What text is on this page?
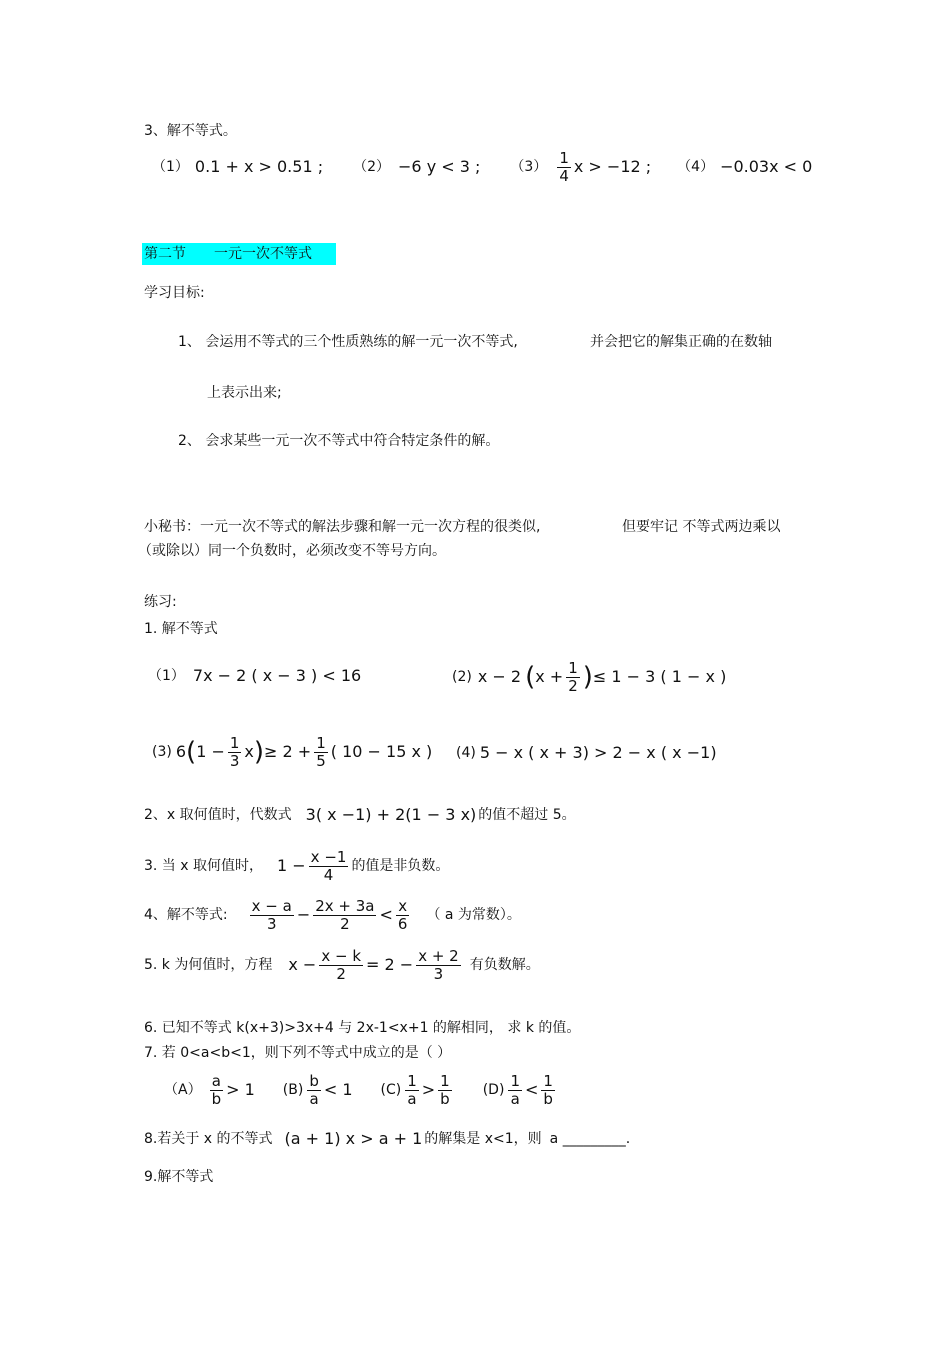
3、解不等式。
（1） 0.1 + x > 0.51 ; （2） −6 y < 3 ; $(3) \frac{1}{4}$ x > −12 ; （4） −0.03x < 0
第二节　　一元一次不等式
学习目标:
1、 会运用不等式的三个性质熟练的解一元一次不等式,	并会把它的解集正确的在数轴
上表示出来;
2、 会求某些一元一次不等式中符合特定条件的解。
小秘书：一元一次不等式的解法步骤和解一元一次方程的很类似,	但要牢记 不等式两边乘以
（或除以）同一个负数时，必须改变不等号方向。
练习:
1. 解不等式
（1） 7x − 2 ( x − 3 ) < 16	(2) x − 2 ( $x + \frac{1}{2}$ ) ≤ 1 − 3 ( 1 − x )
(3) 6 ( $1 - \frac{1}{3}$ x ) ≥ $2 + \frac{1}{5}$ ( 10 − 15 x ) (4) 5 − x ( x + 3) > 2 − x ( x −1)
2、x 取何值时，代数式 3( x −1) + 2(1 − 3 x) 的值不超过 5。
3. 当 x 取何值时， $1 - \frac{x -1}{4}$ 的值是非负数。
4、解不等式: $\frac{x - a}{3} - \frac{2x + 3a}{2} < \frac{x}{6}$ （ a 为常数）。
5. k 为何值时，方程 $x - \frac{x - k}{2} = 2 - \frac{x + 2}{3}$ 有负数解。
6. 已知不等式 k(x+3)>3x+4 与 2x-1<x+1 的解相同， 求 k 的值。
7. 若 0<a<b<1，则下列不等式中成立的是（ ）
$(A) \frac{a}{b} > 1$ $(B) \frac{b}{a} < 1$ $(C) \frac{1}{a} > \frac{1}{b} (D) \frac{1}{a} < \frac{1}{b}$
8.若关于 x 的不等式 (a + 1) x > a + 1 的解集是 x<1，则 a _________.
9.解不等式
